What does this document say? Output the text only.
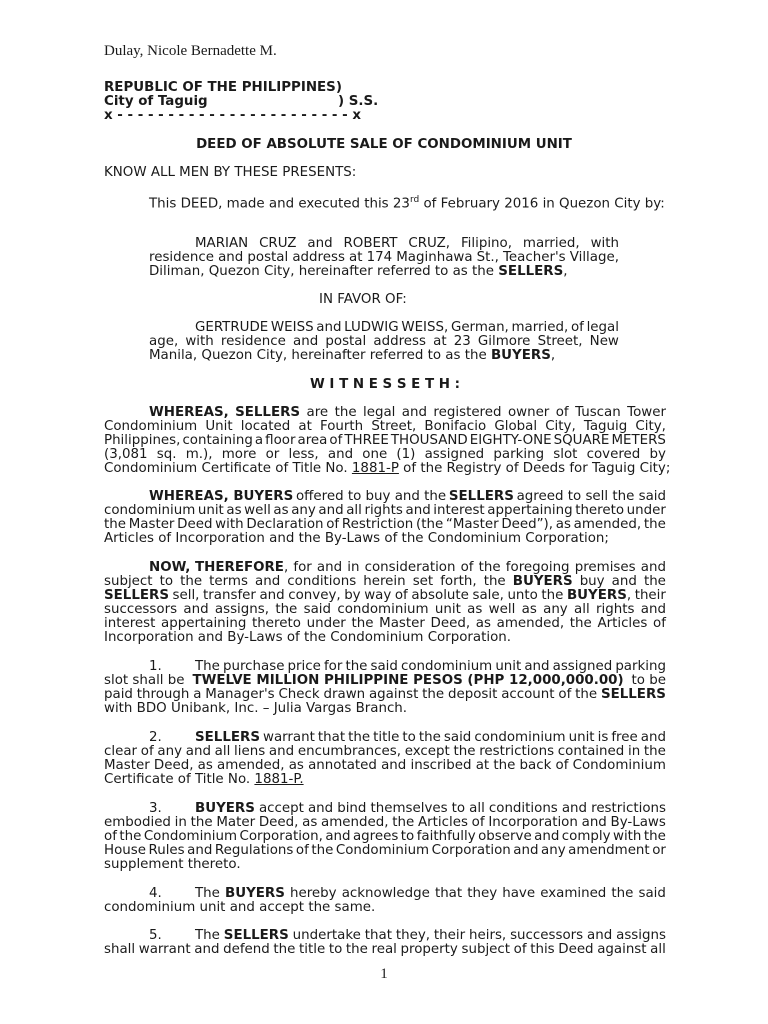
Dulay, Nicole Bernadette M.
REPUBLIC OF THE PHILIPPINES)
City of Taguig	) S.S.
x - - - - - - - - - - - - - - - - - - - - - - - x
DEED OF ABSOLUTE SALE OF CONDOMINIUM UNIT
KNOW ALL MEN BY THESE PRESENTS:
This DEED, made and executed this 23rd of February 2016 in Quezon City by:
MARIAN CRUZ and ROBERT CRUZ, Filipino, married, with
residence and postal address at 174 Maginhawa St., Teacher's Village,
Diliman, Quezon City, hereinafter referred to as the SELLERS,
IN FAVOR OF:
GERTRUDE WEISS and LUDWIG WEISS, German, married, of legal
age, with residence and postal address at 23 Gilmore Street, New
Manila, Quezon City, hereinafter referred to as the BUYERS,
W I T N E S S E T H :
WHEREAS, SELLERS are the legal and registered owner of Tuscan Tower
Condominium Unit located at Fourth Street, Bonifacio Global City, Taguig City,
Philippines, containing a floor area of THREE THOUSAND EIGHTY-ONE SQUARE METERS
(3,081 sq. m.), more or less, and one (1) assigned parking slot covered by
Condominium Certificate of Title No. 1881-P of the Registry of Deeds for Taguig City;
WHEREAS, BUYERS offered to buy and the SELLERS agreed to sell the said
condominium unit as well as any and all rights and interest appertaining thereto under
the Master Deed with Declaration of Restriction (the “Master Deed”), as amended, the
Articles of Incorporation and the By-Laws of the Condominium Corporation;
NOW, THEREFORE, for and in consideration of the foregoing premises and
subject to the terms and conditions herein set forth, the BUYERS buy and the
SELLERS sell, transfer and convey, by way of absolute sale, unto the BUYERS, their
successors and assigns, the said condominium unit as well as any all rights and
interest appertaining thereto under the Master Deed, as amended, the Articles of
Incorporation and By-Laws of the Condominium Corporation.
1. The purchase price for the said condominium unit and assigned parking
slot shall be TWELVE MILLION PHILIPPINE PESOS (PHP 12,000,000.00) to be
paid through a Manager's Check drawn against the deposit account of the SELLERS
with BDO Unibank, Inc. – Julia Vargas Branch.
2. SELLERS warrant that the title to the said condominium unit is free and
clear of any and all liens and encumbrances, except the restrictions contained in the
Master Deed, as amended, as annotated and inscribed at the back of Condominium
Certificate of Title No. 1881-P.
3. BUYERS accept and bind themselves to all conditions and restrictions
embodied in the Mater Deed, as amended, the Articles of Incorporation and By-Laws
of the Condominium Corporation, and agrees to faithfully observe and comply with the
House Rules and Regulations of the Condominium Corporation and any amendment or
supplement thereto.
4. The BUYERS hereby acknowledge that they have examined the said
condominium unit and accept the same.
5. The SELLERS undertake that they, their heirs, successors and assigns
shall warrant and defend the title to the real property subject of this Deed against all
1
